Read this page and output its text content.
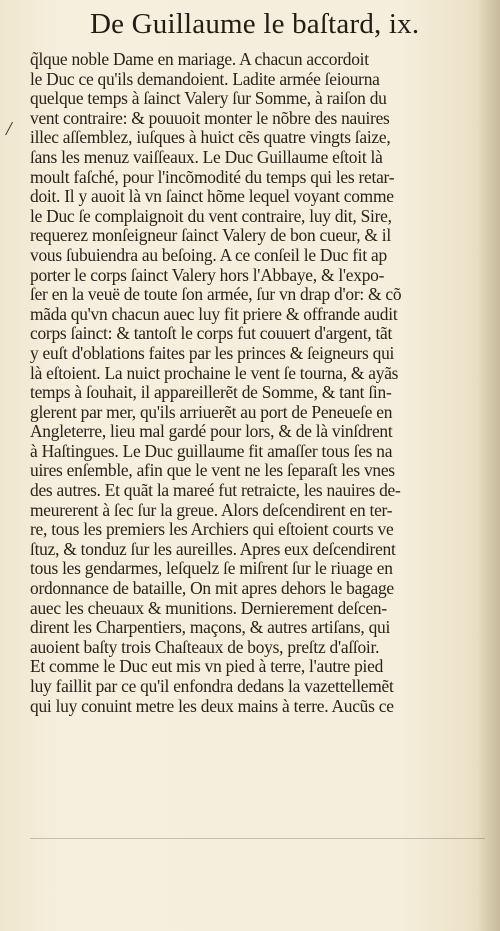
De Guillaume le baſtard, ix.
/
q̃lque noble Dame en mariage. A chacun accordoit
le Duc ce qu'ils demandoient. Ladite armée ſeiourna
quelque temps à ſainct Valery ſur Somme, à raiſon du
vent contraire: & pouuoit monter le nõbre des nauires
illec aſſemblez, iuſques à huict cẽs quatre vingts ſaize,
ſans les menuz vaiſſeaux. Le Duc Guillaume eſtoit là
moult faſché, pour l'incõmodité du temps qui les retar-
doit. Il y auoit là vn ſainct hõme lequel voyant comme
le Duc ſe complaignoit du vent contraire, luy dit, Sire,
requerez monſeigneur ſainct Valery de bon cueur, & il
vous ſubuiendra au beſoing. A ce conſeil le Duc fit ap
porter le corps ſainct Valery hors l'Abbaye, & l'expo-
ſer en la veuë de toute ſon armée, ſur vn drap d'or: & cõ
mãda qu'vn chacun auec luy fit priere & offrande audit
corps ſainct: & tantoſt le corps fut couuert d'argent, tãt
y euſt d'oblations faites par les princes & ſeigneurs qui
là eſtoient. La nuict prochaine le vent ſe tourna, & ayãs
temps à ſouhait, il appareillerẽt de Somme, & tant ſin-
glerent par mer, qu'ils arriuerẽt au port de Peneueſe en
Angleterre, lieu mal gardé pour lors, & de là vinſdrent
à Haſtingues. Le Duc guillaume fit amaſſer tous ſes na
uires enſemble, afin que le vent ne les ſeparaſt les vnes
des autres. Et quãt la mareé fut retraicte, les nauires de-
meurerent à ſec ſur la greue. Alors deſcendirent en ter-
re, tous les premiers les Archiers qui eſtoient courts ve
ſtuz, & tonduz ſur les aureilles. Apres eux deſcendirent
tous les gendarmes, leſquelz ſe miſrent ſur le riuage en
ordonnance de bataille, On mit apres dehors le bagage
auec les cheuaux & munitions. Dernierement deſcen-
dirent les Charpentiers, maçons, & autres artiſans, qui
auoient baſty trois Chaſteaux de boys, preſtz d'aſſoir.
Et comme le Duc eut mis vn pied à terre, l'autre pied
luy faillit par ce qu'il enfondra dedans la vazettellemẽt
qui luy conuint metre les deux mains à terre. Aucũs ce
